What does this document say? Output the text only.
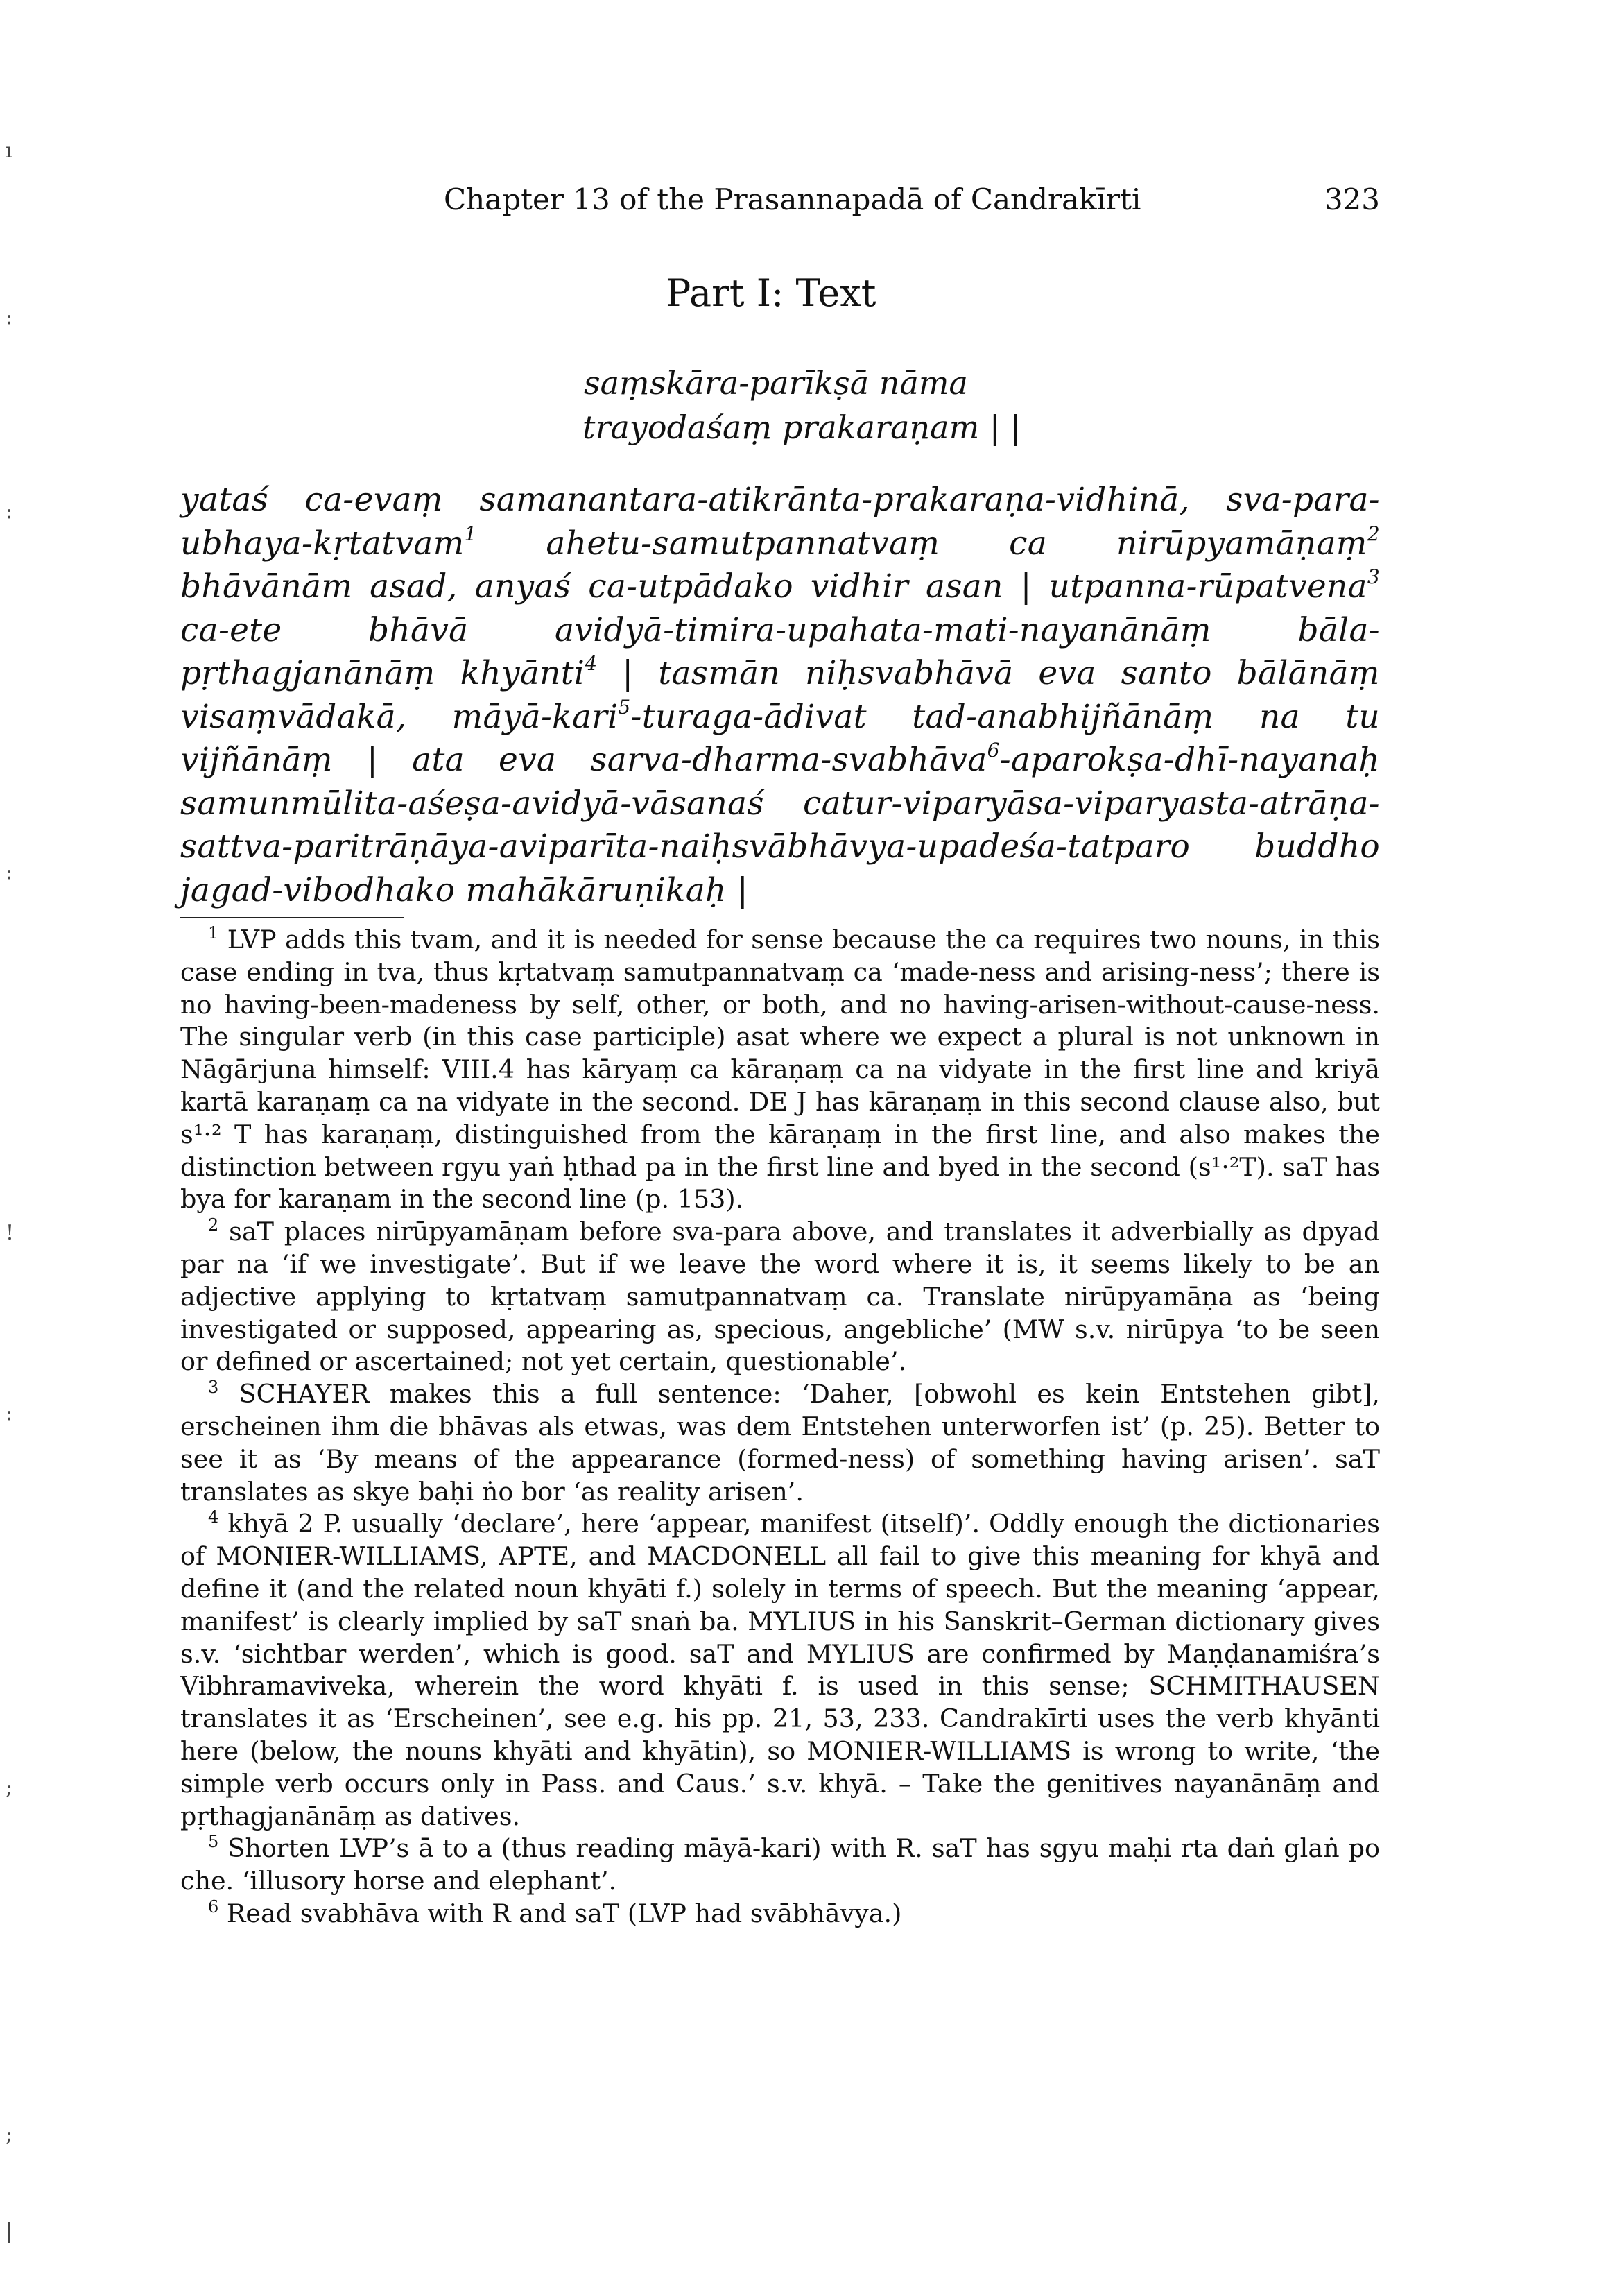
Chapter 13 of the Prasannapadā of Candrakīrti	323
Part I: Text
saṃskāra-parīkṣā nāma
trayodaśaṃ prakaraṇam | |
yataś ca-evaṃ samanantara-atikrānta-prakaraṇa-vidhinā, sva-para-ubhaya-kṛtatvam$^1$ ahetu-samutpannatvaṃ ca nirūpyamāṇaṃ$^2$ bhāvānām asad, anyaś ca-utpādako vidhir asan | utpanna-rūpatvena$^3$ ca-ete bhāvā avidyā-timira-upahata-mati-nayanānāṃ bāla-pṛthagjanānāṃ khyānti$^4$ | tasmān niḥsvabhāvā eva santo bālānāṃ visaṃvādakā, māyā-kari$^5$-turaga-ādivat tad-anabhijñānāṃ na tu vijñānāṃ | ata eva sarva-dharma-svabhāva$^6$-aparokṣa-dhī-nayanaḥ samunmūlita-aśeṣa-avidyā-vāsanaś catur-viparyāsa-viparyasta-atrāṇa-sattva-paritrāṇāya-aviparīta-naiḥsvābhāvya-upadeśa-tatparo buddho jagad-vibodhako mahākāruṇikaḥ |

$^1$ LVP adds this tvam, and it is needed for sense because the ca requires two nouns, in this case ending in tva, thus kṛtatvaṃ samutpannatvaṃ ca ‘made-ness and arising-ness’; there is no having-been-madeness by self, other, or both, and no having-arisen-without-cause-ness. The singular verb (in this case participle) asat where we expect a plural is not unknown in Nāgārjuna himself: VIII.4 has kāryaṃ ca kāraṇaṃ ca na vidyate in the first line and kriyā kartā karaṇaṃ ca na vidyate in the second. DE J has kāraṇaṃ in this second clause also, but s¹·² T has karaṇaṃ, distinguished from the kāraṇaṃ in the first line, and also makes the distinction between rgyu yaṅ ḥthad pa in the first line and byed in the second (s¹·²T). saT has bya for karaṇam in the second line (p. 153).

$^2$ saT places nirūpyamāṇam before sva-para above, and translates it adverbially as dpyad par na ‘if we investigate’. But if we leave the word where it is, it seems likely to be an adjective applying to kṛtatvaṃ samutpannatvaṃ ca. Translate nirūpyamāṇa as ‘being investigated or supposed, appearing as, specious, angebliche’ (MW s.v. nirūpya ‘to be seen or defined or ascertained; not yet certain, questionable’.

$^3$ SCHAYER makes this a full sentence: ‘Daher, [obwohl es kein Entstehen gibt], erscheinen ihm die bhāvas als etwas, was dem Entstehen unterworfen ist’ (p. 25). Better to see it as ‘By means of the appearance (formed-ness) of something having arisen’. saT translates as skye baḥi ṅo bor ‘as reality arisen’.

$^4$ khyā 2 P. usually ‘declare’, here ‘appear, manifest (itself)’. Oddly enough the dictionaries of MONIER-WILLIAMS, APTE, and MACDONELL all fail to give this meaning for khyā and define it (and the related noun khyāti f.) solely in terms of speech. But the meaning ‘appear, manifest’ is clearly implied by saT snaṅ ba. MYLIUS in his Sanskrit–German dictionary gives s.v. ‘sichtbar werden’, which is good. saT and MYLIUS are confirmed by Maṇḍanamiśra’s Vibhramaviveka, wherein the word khyāti f. is used in this sense; SCHMITHAUSEN translates it as ‘Erscheinen’, see e.g. his pp. 21, 53, 233. Candrakīrti uses the verb khyānti here (below, the nouns khyāti and khyātin), so MONIER-WILLIAMS is wrong to write, ‘the simple verb occurs only in Pass. and Caus.’ s.v. khyā. – Take the genitives nayanānāṃ and pṛthagjanānāṃ as datives.

$^5$ Shorten LVP’s ā to a (thus reading māyā-kari) with R. saT has sgyu maḥi rta daṅ glaṅ po che. ‘illusory horse and elephant’.

$^6$ Read svabhāva with R and saT (LVP had svābhāvya.)

ı
:
:
:
!
:
;
;
|
